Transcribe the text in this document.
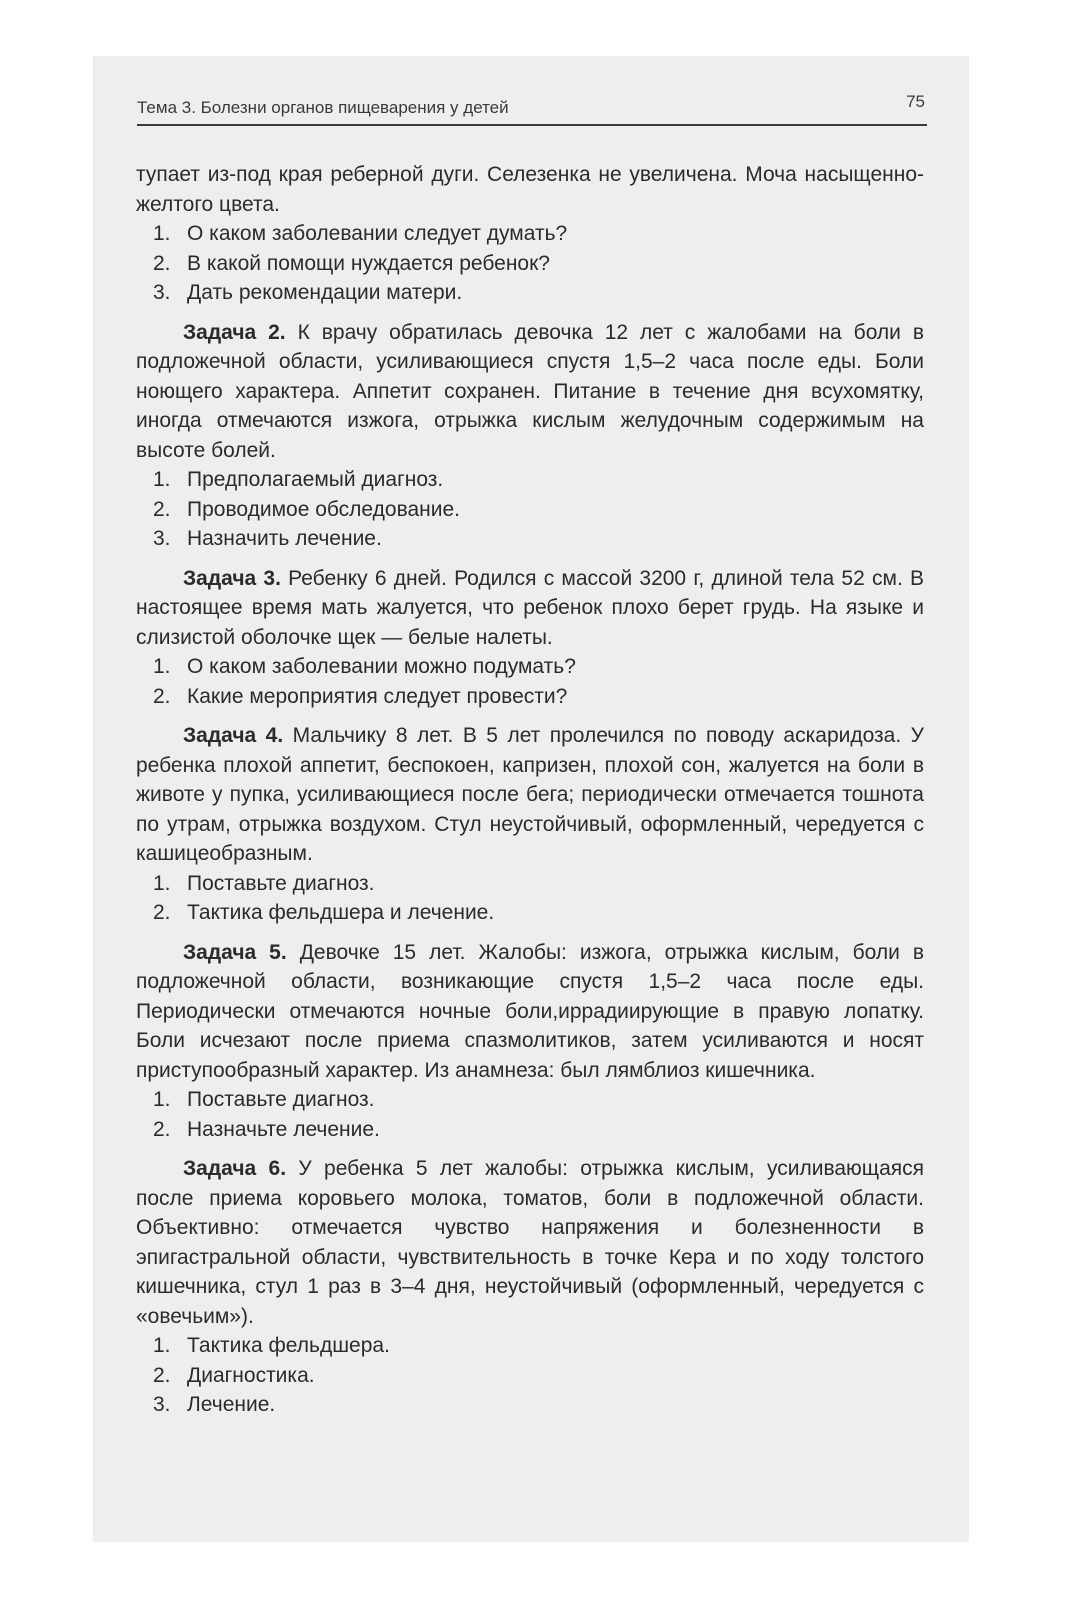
Тема 3. Болезни органов пищеварения у детей	75

тупает из-под края реберной дуги. Селезенка не увеличена. Моча насыщенно-желтого цвета.

1. О каком заболевании следует думать?
2. В какой помощи нуждается ребенок?
3. Дать рекомендации матери.

Задача 2. К врачу обратилась девочка 12 лет с жалобами на боли в подложечной области, усиливающиеся спустя 1,5–2 часа после еды. Боли ноющего характера. Аппетит сохранен. Питание в течение дня всухомятку, иногда отмечаются изжога, отрыжка кислым желудочным содержимым на высоте болей.

1. Предполагаемый диагноз.
2. Проводимое обследование.
3. Назначить лечение.

Задача 3. Ребенку 6 дней. Родился с массой 3200 г, длиной тела 52 см. В настоящее время мать жалуется, что ребенок плохо берет грудь. На языке и слизистой оболочке щек — белые налеты.

1. О каком заболевании можно подумать?
2. Какие мероприятия следует провести?

Задача 4. Мальчику 8 лет. В 5 лет пролечился по поводу аскаридоза. У ребенка плохой аппетит, беспокоен, капризен, плохой сон, жалуется на боли в животе у пупка, усиливающиеся после бега; периодически отмечается тошнота по утрам, отрыжка воздухом. Стул неустойчивый, оформленный, чередуется с кашицеобразным.

1. Поставьте диагноз.
2. Тактика фельдшера и лечение.

Задача 5. Девочке 15 лет. Жалобы: изжога, отрыжка кислым, боли в подложечной области, возникающие спустя 1,5–2 часа после еды. Периодически отмечаются ночные боли,иррадиирующие в правую лопатку. Боли исчезают после приема спазмолитиков, затем усиливаются и носят приступообразный характер. Из анамнеза: был лямблиоз кишечника.

1. Поставьте диагноз.
2. Назначьте лечение.

Задача 6. У ребенка 5 лет жалобы: отрыжка кислым, усиливающаяся после приема коровьего молока, томатов, боли в подложечной области. Объективно: отмечается чувство напряжения и болезненности в эпигастральной области, чувствительность в точке Кера и по ходу толстого кишечника, стул 1 раз в 3–4 дня, неустойчивый (оформленный, чередуется с «овечьим»).

1. Тактика фельдшера.
2. Диагностика.
3. Лечение.
